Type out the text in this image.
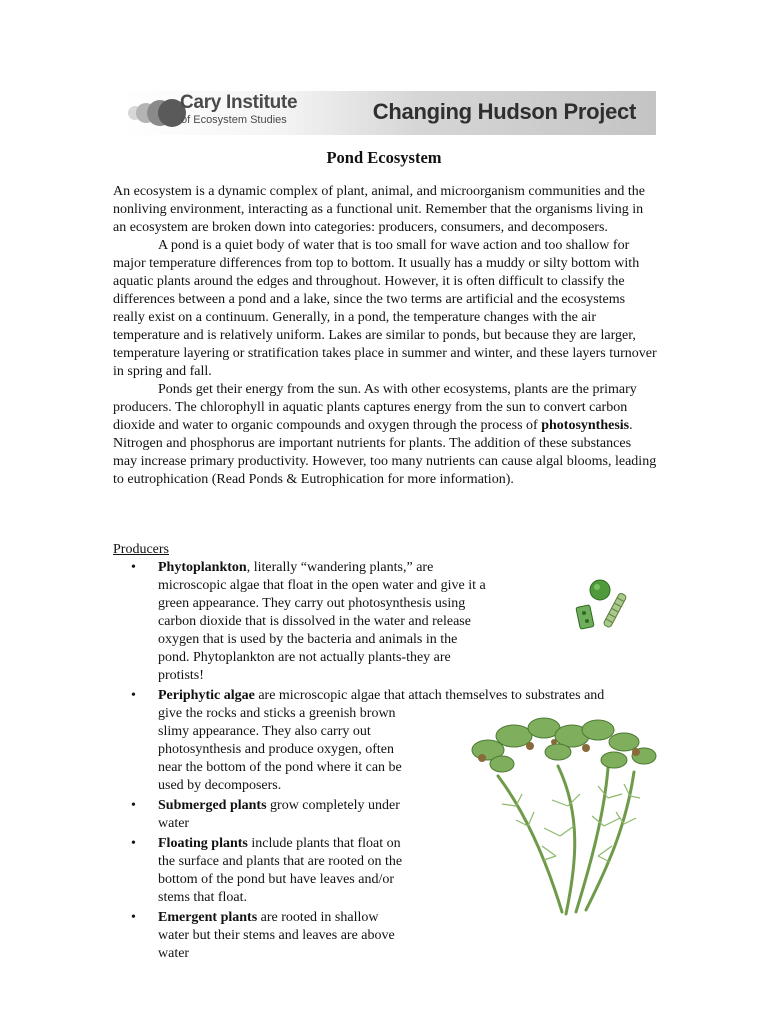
Cary Institute
of Ecosystem Studies	Changing Hudson Project
Pond Ecosystem

An ecosystem is a dynamic complex of plant, animal, and microorganism communities and the nonliving environment, interacting as a functional unit. Remember that the organisms living in an ecosystem are broken down into categories: producers, consumers, and decomposers.

A pond is a quiet body of water that is too small for wave action and too shallow for major temperature differences from top to bottom. It usually has a muddy or silty bottom with aquatic plants around the edges and throughout. However, it is often difficult to classify the differences between a pond and a lake, since the two terms are artificial and the ecosystems really exist on a continuum. Generally, in a pond, the temperature changes with the air temperature and is relatively uniform. Lakes are similar to ponds, but because they are larger, temperature layering or stratification takes place in summer and winter, and these layers turnover in spring and fall.

Ponds get their energy from the sun. As with other ecosystems, plants are the primary producers. The chlorophyll in aquatic plants captures energy from the sun to convert carbon dioxide and water to organic compounds and oxygen through the process of photosynthesis. Nitrogen and phosphorus are important nutrients for plants. The addition of these substances may increase primary productivity. However, too many nutrients can cause algal blooms, leading to eutrophication (Read Ponds & Eutrophication for more information).

Producers
• Phytoplankton, literally “wandering plants,” are microscopic algae that float in the open water and give it a green appearance. They carry out photosynthesis using carbon dioxide that is dissolved in the water and release oxygen that is used by the bacteria and animals in the pond. Phytoplankton are not actually plants-they are protists!
• Periphytic algae are microscopic algae that attach themselves to substrates and
give the rocks and sticks a greenish brown slimy appearance. They also carry out photosynthesis and produce oxygen, often near the bottom of the pond where it can be used by decomposers.
• Submerged plants grow completely under water
• Floating plants include plants that float on the surface and plants that are rooted on the bottom of the pond but have leaves and/or stems that float.
• Emergent plants are rooted in shallow water but their stems and leaves are above water
